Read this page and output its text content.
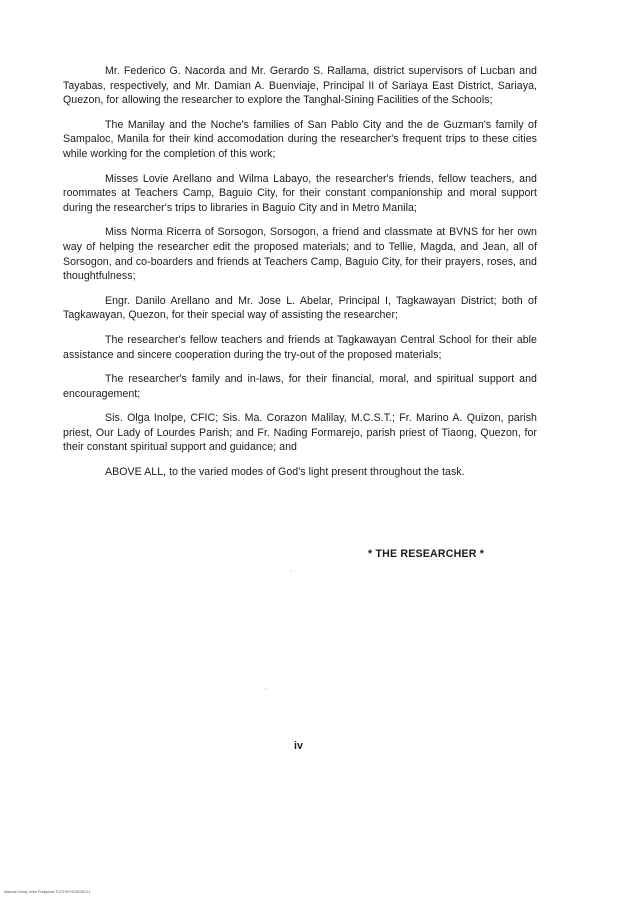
Mr. Federico G. Nacorda and Mr. Gerardo S. Rallama, district supervisors of Lucban and Tayabas, respectively, and Mr. Damian A. Buenviaje, Principal II of Sariaya East District, Sariaya, Quezon, for allowing the researcher to explore the Tanghal-Sining Facilities of the Schools;

The Manilay and the Noche's families of San Pablo City and the de Guzman's family of Sampaloc, Manila for their kind accomodation during the researcher's frequent trips to these cities while working for the completion of this work;

Misses Lovie Arellano and Wilma Labayo, the researcher's friends, fellow teachers, and roommates at Teachers Camp, Baguio City, for their constant companionship and moral support during the researcher's trips to libraries in Baguio City and in Metro Manila;

Miss Norma Ricerra of Sorsogon, Sorsogon, a friend and classmate at BVNS for her own way of helping the researcher edit the proposed materials; and to Tellie, Magda, and Jean, all of Sorsogon, and co-boarders and friends at Teachers Camp, Baguio City, for their prayers, roses, and thoughtfulness;

Engr. Danilo Arellano and Mr. Jose L. Abelar, Principal I, Tagkawayan District; both of Tagkawayan, Quezon, for their special way of assisting the researcher;

The researcher's fellow teachers and friends at Tagkawayan Central School for their able assistance and sincere cooperation during the try-out of the proposed materials;

The researcher's family and in-laws, for their financial, moral, and spiritual support and encouragement;

Sis. Olga Inolpe, CFIC; Sis. Ma. Corazon Malilay, M.C.S.T.; Fr. Marino A. Quizon, parish priest, Our Lady of Lourdes Parish; and Fr. Nading Formarejo, parish priest of Tiaong, Quezon, for their constant spiritual support and guidance; and

ABOVE ALL, to the varied modes of God's light present throughout the task.

* THE RESEARCHER *
iv
National Library of the Philippines TL0TH9701230001071
